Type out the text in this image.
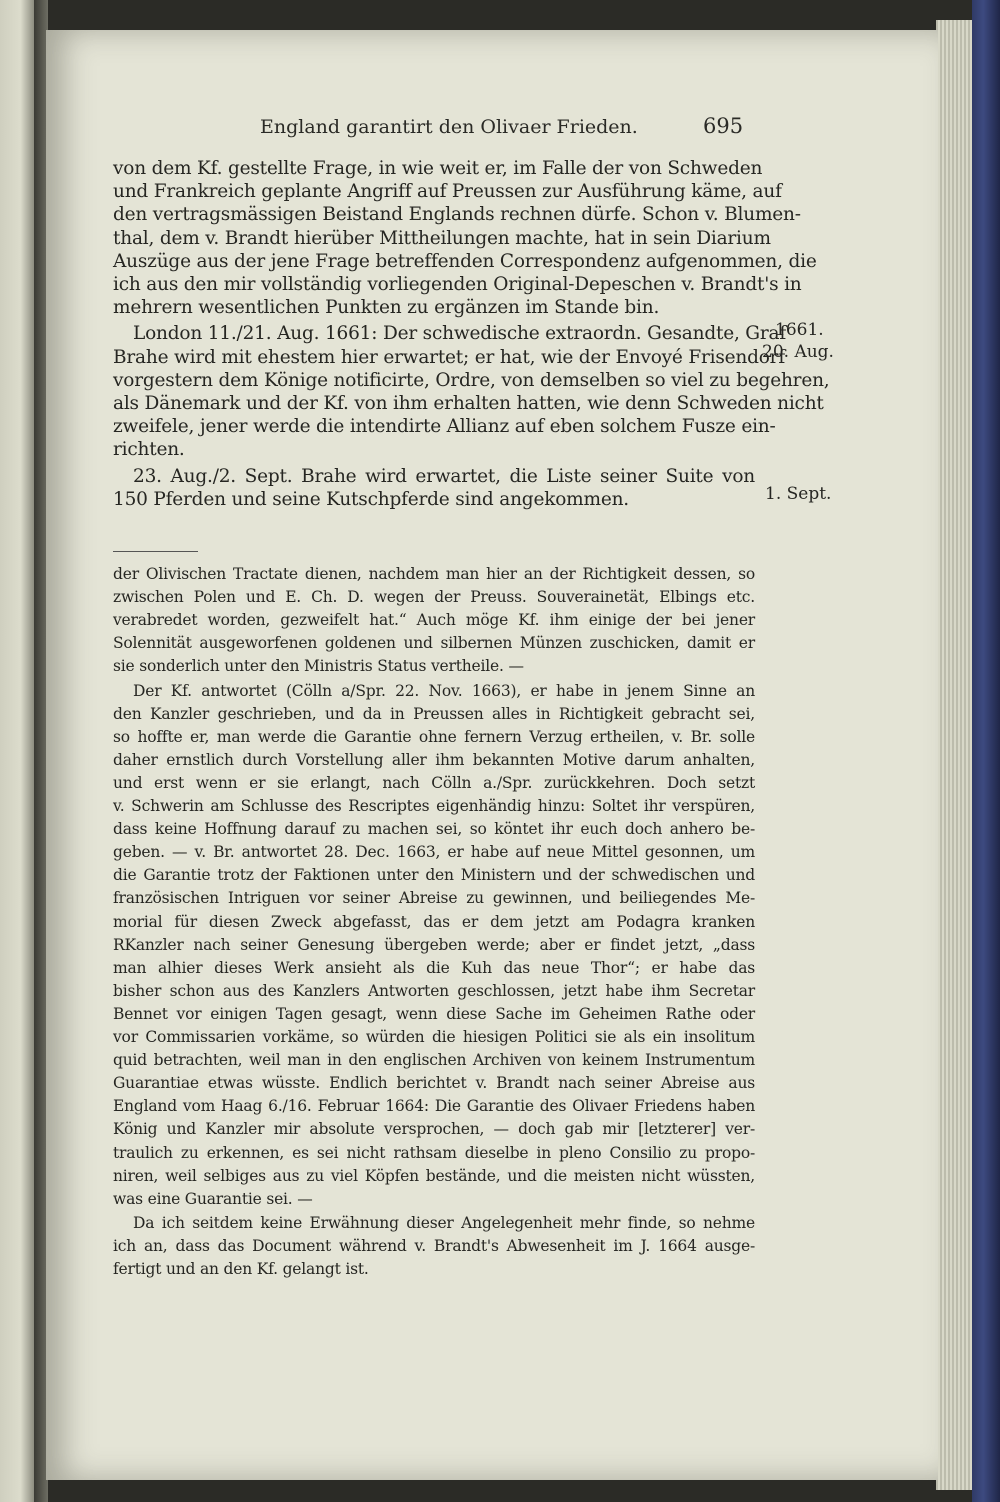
England garantirt den Olivaer Frieden.	695
1661.
20. Aug.
1. Sept.
von dem Kf. gestellte Frage, in wie weit er, im Falle der von Schweden
und Frankreich geplante Angriff auf Preussen zur Ausführung käme, auf
den vertragsmässigen Beistand Englands rechnen dürfe. Schon v. Blumen-
thal, dem v. Brandt hierüber Mittheilungen machte, hat in sein Diarium
Auszüge aus der jene Frage betreffenden Correspondenz aufgenommen, die
ich aus den mir vollständig vorliegenden Original-Depeschen v. Brandt's in
mehrern wesentlichen Punkten zu ergänzen im Stande bin.
London 11./21. Aug. 1661: Der schwedische extraordn. Gesandte, Graf
Brahe wird mit ehestem hier erwartet; er hat, wie der Envoyé Frisendorf
vorgestern dem Könige notificirte, Ordre, von demselben so viel zu begehren,
als Dänemark und der Kf. von ihm erhalten hatten, wie denn Schweden nicht
zweifele, jener werde die intendirte Allianz auf eben solchem Fusze ein-
richten.
23. Aug./2. Sept. Brahe wird erwartet, die Liste seiner Suite von
150 Pferden und seine Kutschpferde sind angekommen.
der Olivischen Tractate dienen, nachdem man hier an der Richtigkeit dessen, so
zwischen Polen und E. Ch. D. wegen der Preuss. Souverainetät, Elbings etc.
verabredet worden, gezweifelt hat.“ Auch möge Kf. ihm einige der bei jener
Solennität ausgeworfenen goldenen und silbernen Münzen zuschicken, damit er
sie sonderlich unter den Ministris Status vertheile. —
Der Kf. antwortet (Cölln a/Spr. 22. Nov. 1663), er habe in jenem Sinne an
den Kanzler geschrieben, und da in Preussen alles in Richtigkeit gebracht sei,
so hoffte er, man werde die Garantie ohne fernern Verzug ertheilen, v. Br. solle
daher ernstlich durch Vorstellung aller ihm bekannten Motive darum anhalten,
und erst wenn er sie erlangt, nach Cölln a./Spr. zurückkehren. Doch setzt
v. Schwerin am Schlusse des Rescriptes eigenhändig hinzu: Soltet ihr verspüren,
dass keine Hoffnung darauf zu machen sei, so köntet ihr euch doch anhero be-
geben. — v. Br. antwortet 28. Dec. 1663, er habe auf neue Mittel gesonnen, um
die Garantie trotz der Faktionen unter den Ministern und der schwedischen und
französischen Intriguen vor seiner Abreise zu gewinnen, und beiliegendes Me-
morial für diesen Zweck abgefasst, das er dem jetzt am Podagra kranken
RKanzler nach seiner Genesung übergeben werde; aber er findet jetzt, „dass
man alhier dieses Werk ansieht als die Kuh das neue Thor“; er habe das
bisher schon aus des Kanzlers Antworten geschlossen, jetzt habe ihm Secretar
Bennet vor einigen Tagen gesagt, wenn diese Sache im Geheimen Rathe oder
vor Commissarien vorkäme, so würden die hiesigen Politici sie als ein insolitum
quid betrachten, weil man in den englischen Archiven von keinem Instrumentum
Guarantiae etwas wüsste. Endlich berichtet v. Brandt nach seiner Abreise aus
England vom Haag 6./16. Februar 1664: Die Garantie des Olivaer Friedens haben
König und Kanzler mir absolute versprochen, — doch gab mir [letzterer] ver-
traulich zu erkennen, es sei nicht rathsam dieselbe in pleno Consilio zu propo-
niren, weil selbiges aus zu viel Köpfen bestände, und die meisten nicht wüssten,
was eine Guarantie sei. —
Da ich seitdem keine Erwähnung dieser Angelegenheit mehr finde, so nehme
ich an, dass das Document während v. Brandt's Abwesenheit im J. 1664 ausge-
fertigt und an den Kf. gelangt ist.
